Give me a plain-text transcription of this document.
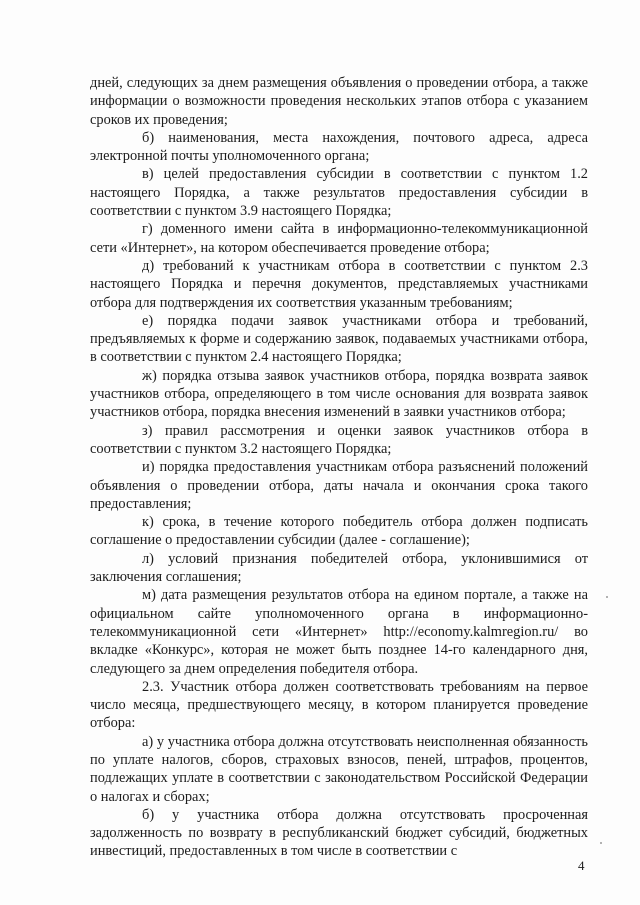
дней, следующих за днем размещения объявления о проведении отбора, а также информации о возможности проведения нескольких этапов отбора с указанием сроков их проведения;

б) наименования, места нахождения, почтового адреса, адреса электронной почты уполномоченного органа;

в) целей предоставления субсидии в соответствии с пунктом 1.2 настоящего Порядка, а также результатов предоставления субсидии в соответствии с пунктом 3.9 настоящего Порядка;

г) доменного имени сайта в информационно-телекоммуникационной сети «Интернет», на котором обеспечивается проведение отбора;

д) требований к участникам отбора в соответствии с пунктом 2.3 настоящего Порядка и перечня документов, представляемых участниками отбора для подтверждения их соответствия указанным требованиям;

е) порядка подачи заявок участниками отбора и требований, предъявляемых к форме и содержанию заявок, подаваемых участниками отбора, в соответствии с пунктом 2.4 настоящего Порядка;

ж) порядка отзыва заявок участников отбора, порядка возврата заявок участников отбора, определяющего в том числе основания для возврата заявок участников отбора, порядка внесения изменений в заявки участников отбора;

з) правил рассмотрения и оценки заявок участников отбора в соответствии с пунктом 3.2 настоящего Порядка;

и) порядка предоставления участникам отбора разъяснений положений объявления о проведении отбора, даты начала и окончания срока такого предоставления;

к) срока, в течение которого победитель отбора должен подписать соглашение о предоставлении субсидии (далее - соглашение);

л) условий признания победителей отбора, уклонившимися от заключения соглашения;

м) дата размещения результатов отбора на едином портале, а также на официальном сайте уполномоченного органа в информационно-телекоммуникационной сети «Интернет» http://economy.kalmregion.ru/ во вкладке «Конкурс», которая не может быть позднее 14-го календарного дня, следующего за днем определения победителя отбора.

2.3. Участник отбора должен соответствовать требованиям на первое число месяца, предшествующего месяцу, в котором планируется проведение отбора:

а) у участника отбора должна отсутствовать неисполненная обязанность по уплате налогов, сборов, страховых взносов, пеней, штрафов, процентов, подлежащих уплате в соответствии с законодательством Российской Федерации о налогах и сборах;

б) у участника отбора должна отсутствовать просроченная задолженность по возврату в республиканский бюджет субсидий, бюджетных инвестиций, предоставленных в том числе в соответствии с

4
